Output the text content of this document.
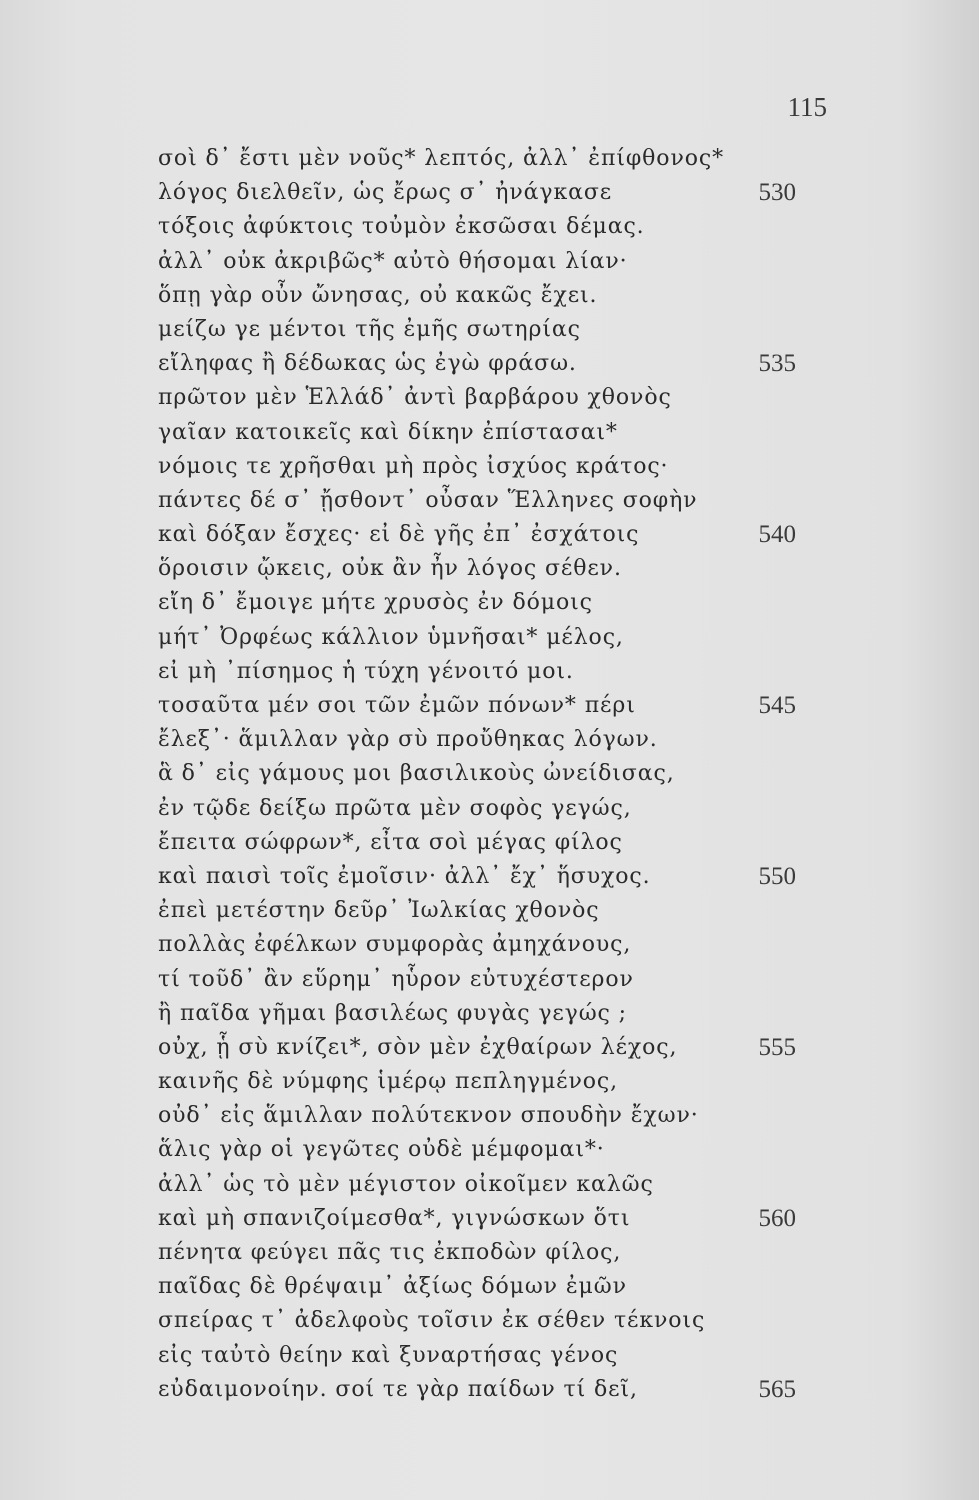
115
σοὶ δ᾽ ἔστι μὲν νοῦς* λεπτός, ἀλλ᾽ ἐπίφθονος*
λόγος διελθεῖν, ὡς ἔρως σ᾽ ἠνάγκασε	530
τόξοις ἀφύκτοις τοὐμὸν ἐκσῶσαι δέμας.
ἀλλ᾽ οὐκ ἀκριβῶς* αὐτὸ θήσομαι λίαν·
ὅπῃ γὰρ οὖν ὤνησας, οὐ κακῶς ἔχει.
μείζω γε μέντοι τῆς ἐμῆς σωτηρίας
εἴληφας ἢ δέδωκας ὡς ἐγὼ φράσω.	535
πρῶτον μὲν Ἑλλάδ᾽ ἀντὶ βαρβάρου χθονὸς
γαῖαν κατοικεῖς καὶ δίκην ἐπίστασαι*
νόμοις τε χρῆσθαι μὴ πρὸς ἰσχύος κράτος·
πάντες δέ σ᾽ ᾔσθοντ᾽ οὖσαν Ἕλληνες σοφὴν
καὶ δόξαν ἔσχες· εἰ δὲ γῆς ἐπ᾽ ἐσχάτοις	540
ὅροισιν ᾤκεις, οὐκ ἂν ἦν λόγος σέθεν.
εἴη δ᾽ ἔμοιγε μήτε χρυσὸς ἐν δόμοις
μήτ᾽ Ὀρφέως κάλλιον ὑμνῆσαι* μέλος,
εἰ μὴ ᾽πίσημος ἡ τύχη γένοιτό μοι.
τοσαῦτα μέν σοι τῶν ἐμῶν πόνων* πέρι	545
ἔλεξ᾽· ἅμιλλαν γὰρ σὺ προὔθηκας λόγων.
ἃ δ᾽ εἰς γάμους μοι βασιλικοὺς ὠνείδισας,
ἐν τῷδε δείξω πρῶτα μὲν σοφὸς γεγώς,
ἔπειτα σώφρων*, εἶτα σοὶ μέγας φίλος
καὶ παισὶ τοῖς ἐμοῖσιν· ἀλλ᾽ ἔχ᾽ ἥσυχος.	550
ἐπεὶ μετέστην δεῦρ᾽ Ἰωλκίας χθονὸς
πολλὰς ἐφέλκων συμφορὰς ἀμηχάνους,
τί τοῦδ᾽ ἂν εὕρημ᾽ ηὗρον εὐτυχέστερον
ἢ παῖδα γῆμαι βασιλέως φυγὰς γεγώς ;
οὐχ, ᾗ σὺ κνίζει*, σὸν μὲν ἐχθαίρων λέχος,	555
καινῆς δὲ νύμφης ἱμέρῳ πεπληγμένος,
οὐδ᾽ εἰς ἅμιλλαν πολύτεκνον σπουδὴν ἔχων·
ἅλις γὰρ οἱ γεγῶτες οὐδὲ μέμφομαι*·
ἀλλ᾽ ὡς τὸ μὲν μέγιστον οἰκοῖμεν καλῶς
καὶ μὴ σπανιζοίμεσθα*, γιγνώσκων ὅτι	560
πένητα φεύγει πᾶς τις ἐκποδὼν φίλος,
παῖδας δὲ θρέψαιμ᾽ ἀξίως δόμων ἐμῶν
σπείρας τ᾽ ἀδελφοὺς τοῖσιν ἐκ σέθεν τέκνοις
εἰς ταὐτὸ θείην καὶ ξυναρτήσας γένος
εὐδαιμονοίην. σοί τε γὰρ παίδων τί δεῖ,	565
